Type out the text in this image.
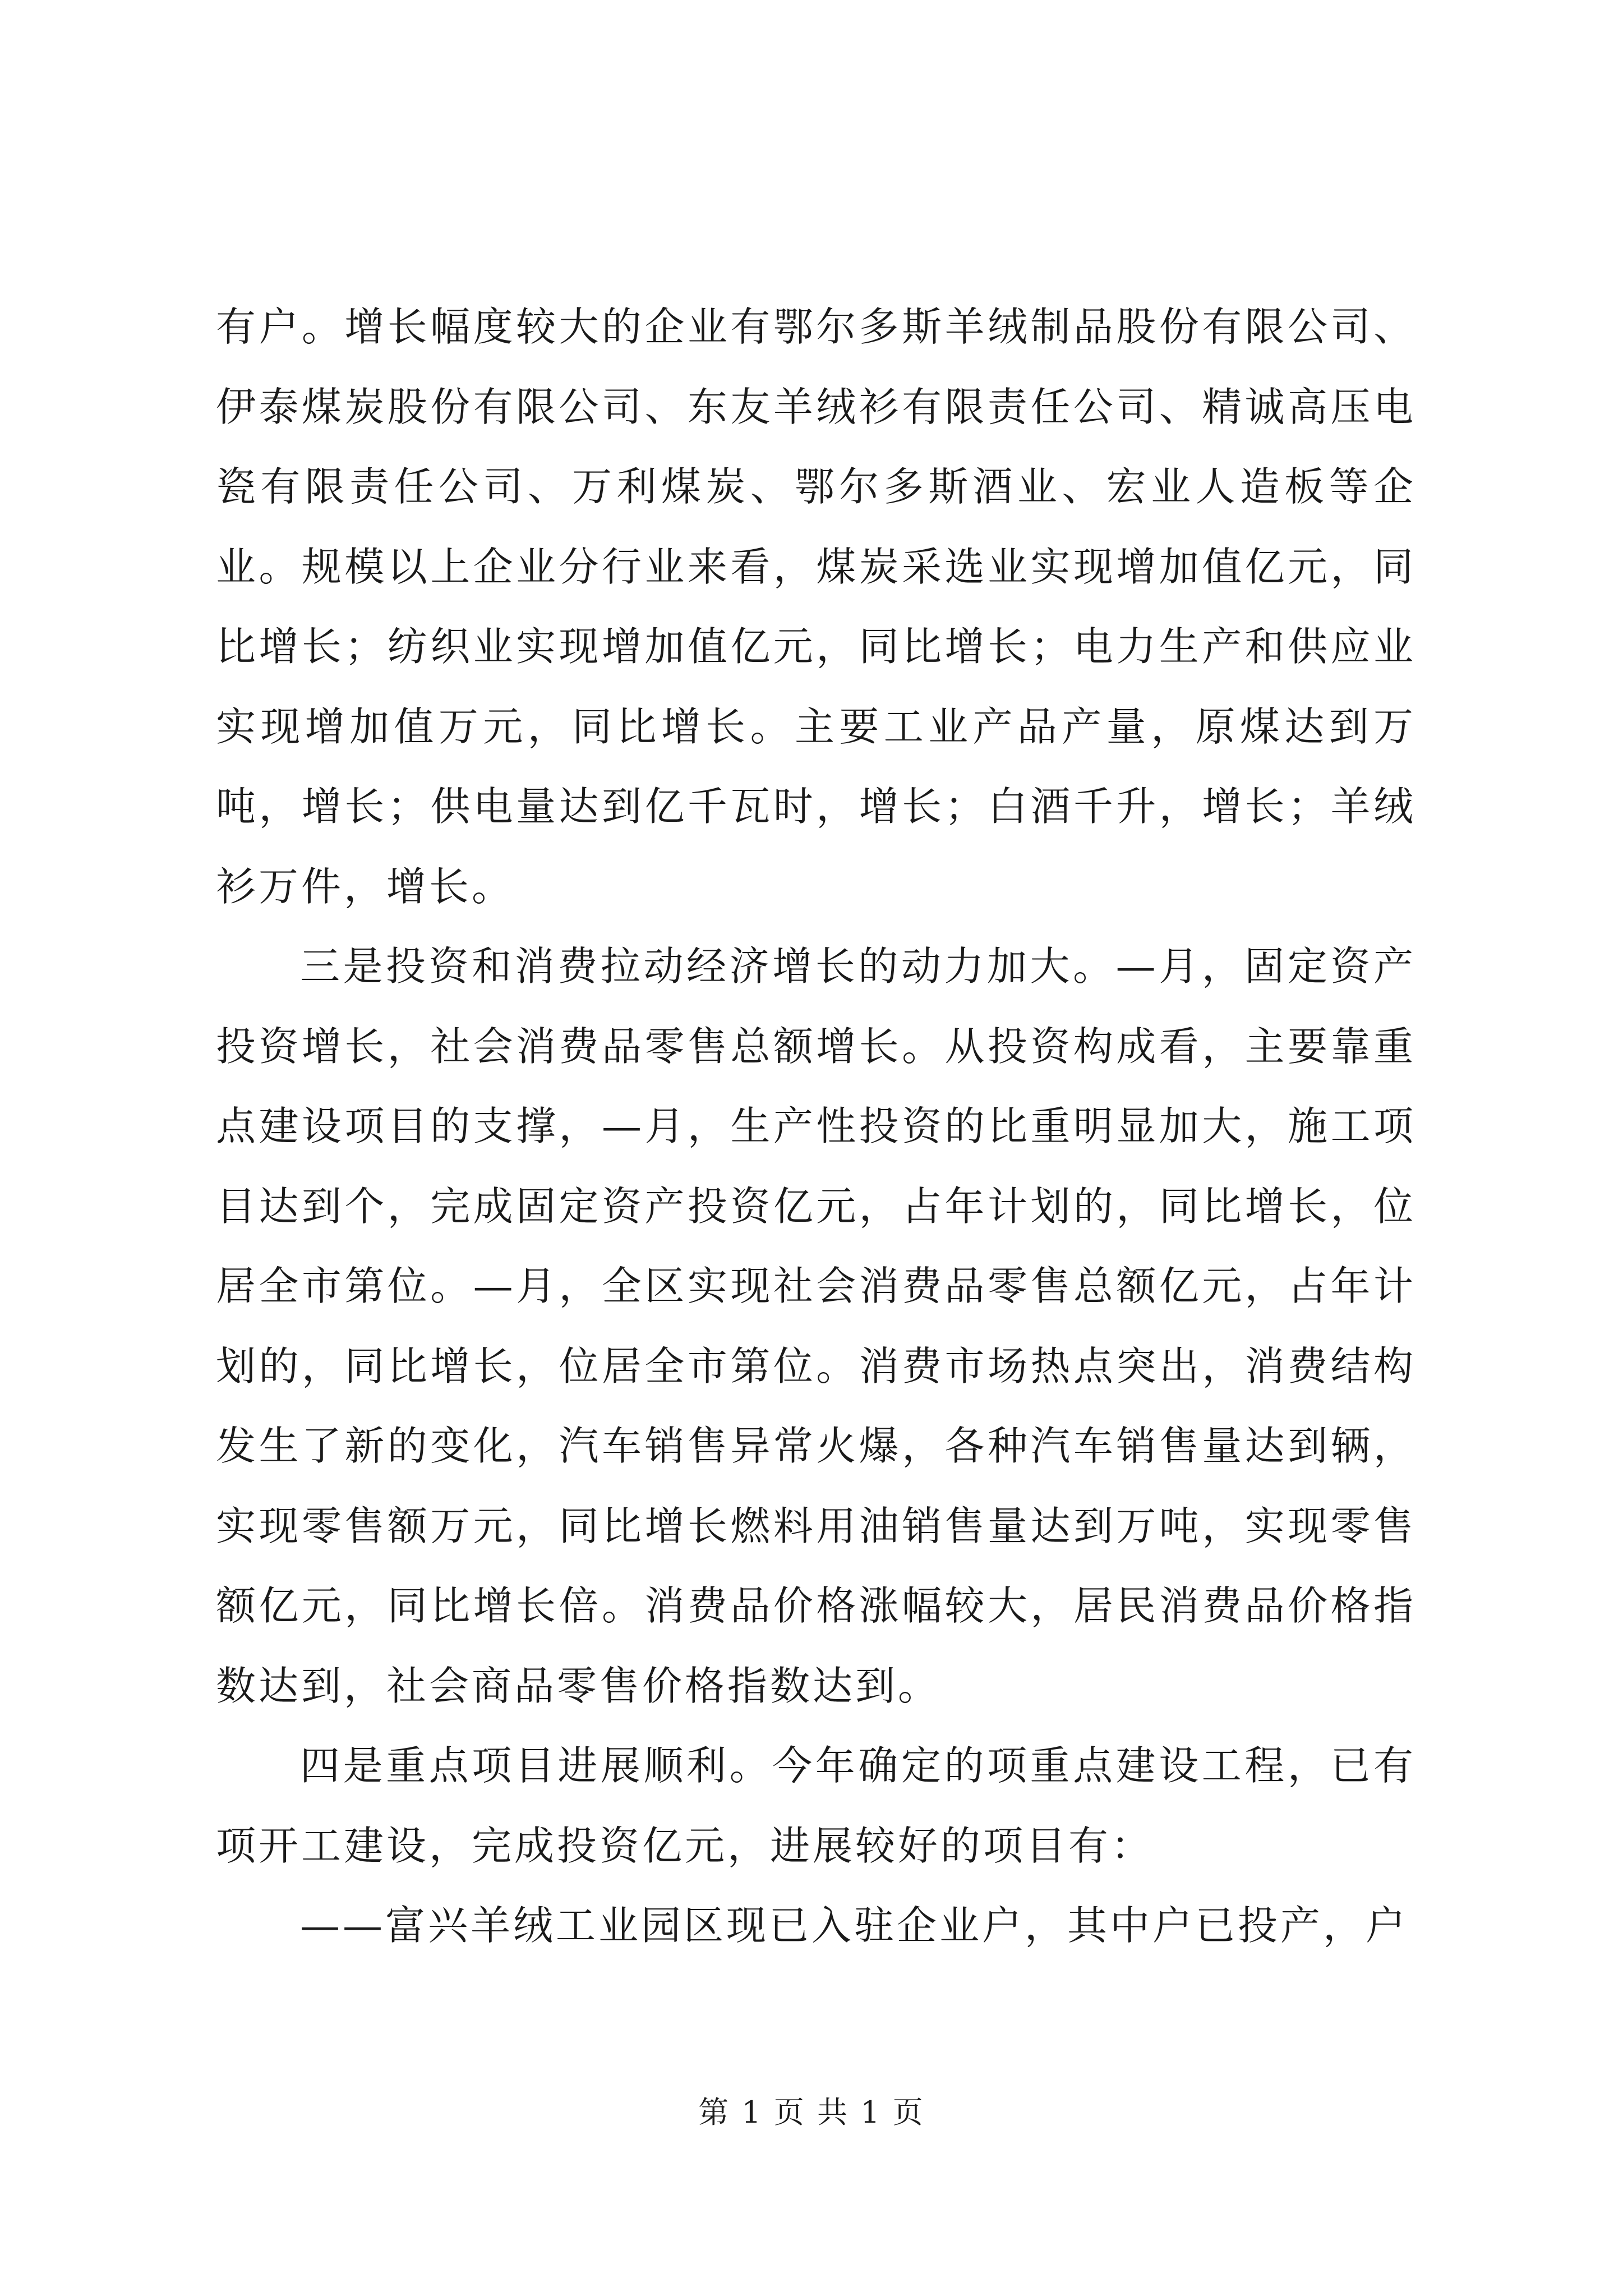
有户。增长幅度较大的企业有鄂尔多斯羊绒制品股份有限公司、伊泰煤炭股份有限公司、东友羊绒衫有限责任公司、精诚高压电瓷有限责任公司、万利煤炭、鄂尔多斯酒业、宏业人造板等企业。规模以上企业分行业来看，煤炭采选业实现增加值亿元，同比增长；纺织业实现增加值亿元，同比增长；电力生产和供应业实现增加值万元，同比增长。主要工业产品产量，原煤达到万吨，增长；供电量达到亿千瓦时，增长；白酒千升，增长；羊绒衫万件，增长。

三是投资和消费拉动经济增长的动力加大。—月，固定资产投资增长，社会消费品零售总额增长。从投资构成看，主要靠重点建设项目的支撑，—月，生产性投资的比重明显加大，施工项目达到个，完成固定资产投资亿元，占年计划的，同比增长，位居全市第位。—月，全区实现社会消费品零售总额亿元，占年计划的，同比增长，位居全市第位。消费市场热点突出，消费结构发生了新的变化，汽车销售异常火爆，各种汽车销售量达到辆，实现零售额万元，同比增长燃料用油销售量达到万吨，实现零售额亿元，同比增长倍。消费品价格涨幅较大，居民消费品价格指数达到，社会商品零售价格指数达到。

四是重点项目进展顺利。今年确定的项重点建设工程，已有项开工建设，完成投资亿元，进展较好的项目有：

——富兴羊绒工业园区现已入驻企业户，其中户已投产，户

第 1 页 共 1 页
